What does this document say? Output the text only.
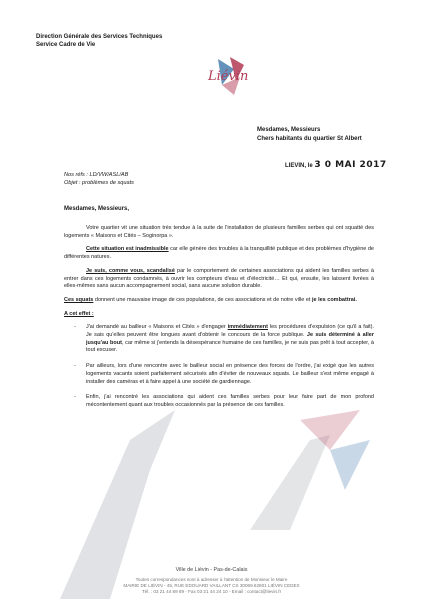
Direction Générale des Services Techniques
Service Cadre de Vie
Liévin
Mesdames, Messieurs
Chers habitants du quartier St Albert
LIEVIN, le 3 0 MAI 2017
Nos réfs : LD/VW/ASL/AB
Objet : problèmes de squats
Mesdames, Messieurs,

Votre quartier vit une situation très tendue à la suite de l'installation de plusieurs familles serbes qui ont squatté des logements « Maisons et Cités – Soginorpa ».

Cette situation est inadmissible car elle génère des troubles à la tranquillité publique et des problèmes d'hygiène de différentes natures.

Je suis, comme vous, scandalisé par le comportement de certaines associations qui aident les familles serbes à entrer dans ces logements condamnés, à ouvrir les compteurs d'eau et d'électricité… Et qui, ensuite, les laissent livrées à elles-mêmes sans aucun accompagnement social, sans aucune solution durable.

Ces squats donnent une mauvaise image de ces populations, de ces associations et de notre ville et je les combattrai.

A cet effet :

- J'ai demandé au bailleur « Maisons et Cités » d'engager immédiatement les procédures d'expulsion (ce qu'il a fait). Je sais qu'elles peuvent être longues avant d'obtenir le concours de la force publique. Je suis déterminé à aller jusqu'au bout, car même si j'entends la désespérance humaine de ces familles, je ne suis pas prêt à tout accepter, à tout excuser.
- Par ailleurs, lors d'une rencontre avec le bailleur social en présence des forces de l'ordre, j'ai exigé que les autres logements vacants soient parfaitement sécurisés afin d'éviter de nouveaux squats. Le bailleur s'est même engagé à installer des caméras et à faire appel à une société de gardiennage.
- Enfin, j'ai rencontré les associations qui aident ces familles serbes pour leur faire part de mon profond mécontentement quant aux troubles occasionnés par la présence de ces familles.
Ville de Liévin - Pas-de-Calais
Toutes correspondances sont à adresser à l'attention de Monsieur le Maire
MAIRIE DE LIÉVIN - 45, RUE EDOUARD VAILLANT CS 30069 62801 LIÉVIN CEDEX
Tél. : 03 21 44 89 89 - Fax 03 21 44 24 10 - Email : contact@lievin.fr
